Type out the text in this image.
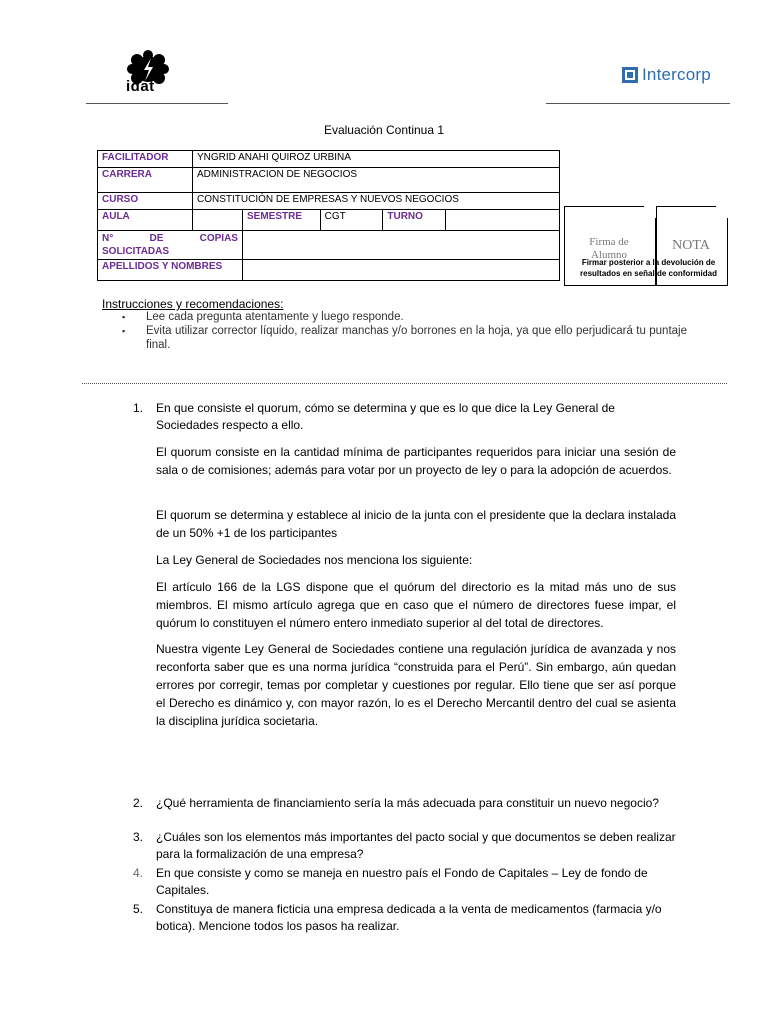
idat
Intercorp
Evaluación Continua 1
FACILITADOR	YNGRID ANAHI QUIROZ URBINA				
CARRERA	ADMINISTRACION DE NEGOCIOS				
CURSO	CONSTITUCIÓN DE EMPRESAS Y NUEVOS NEGOCIOS				
AULA		SEMESTRE	CGT	TURNO	

N° DE COPIAS
SOLICITADAS					
APELLIDOS Y NOMBRES					
Firma de Alumno
NOTA
Firmar posterior a la devolución de resultados en señal de conformidad
Instrucciones y recomendaciones:
▪ Lee cada pregunta atentamente y luego responde.
▪ Evita utilizar corrector líquido, realizar manchas y/o borrones en la hoja, ya que ello perjudicará tu puntaje final.
1. En que consiste el quorum, cómo se determina y que es lo que dice la Ley General de Sociedades respecto a ello.
El quorum consiste en la cantidad mínima de participantes requeridos para iniciar una sesión de sala o de comisiones; además para votar por un proyecto de ley o para la adopción de acuerdos.
El quorum se determina y establece al inicio de la junta con el presidente que la declara instalada de un 50% +1 de los participantes
La Ley General de Sociedades nos menciona los siguiente:
El artículo 166 de la LGS dispone que el quórum del directorio es la mitad más uno de sus miembros. El mismo artículo agrega que en caso que el número de directores fuese impar, el quórum lo constituyen el número entero inmediato superior al del total de directores.
Nuestra vigente Ley General de Sociedades contiene una regulación jurídica de avanzada y nos reconforta saber que es una norma jurídica “construida para el Perú”. Sin embargo, aún quedan errores por corregir, temas por completar y cuestiones por regular. Ello tiene que ser así porque el Derecho es dinámico y, con mayor razón, lo es el Derecho Mercantil dentro del cual se asienta la disciplina jurídica societaria.
2. ¿Qué herramienta de financiamiento sería la más adecuada para constituir un nuevo negocio?
3. ¿Cuáles son los elementos más importantes del pacto social y que documentos se deben realizar para la formalización de una empresa?
4. En que consiste y como se maneja en nuestro país el Fondo de Capitales – Ley de fondo de Capitales.
5. Constituya de manera ficticia una empresa dedicada a la venta de medicamentos (farmacia y/o botica). Mencione todos los pasos ha realizar.
